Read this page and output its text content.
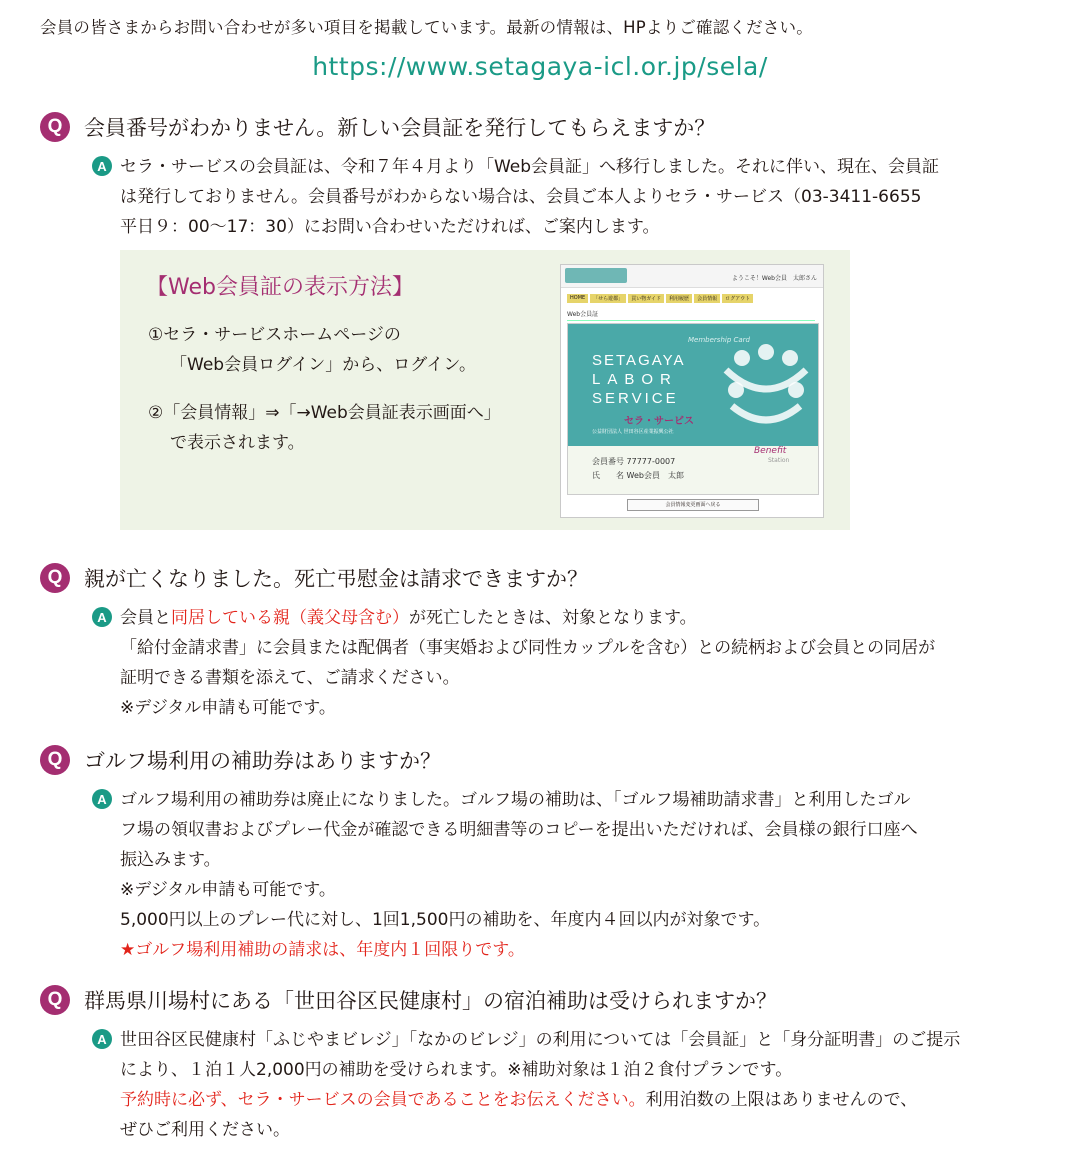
会員の皆さまからお問い合わせが多い項目を掲載しています。最新の情報は、HPよりご確認ください。
https://www.setagaya-icl.or.jp/sela/
Q	会員番号がわかりません。新しい会員証を発行してもらえますか？
A セラ・サービスの会員証は、令和７年４月より「Web会員証」へ移行しました。それに伴い、現在、会員証
は発行しておりません。会員番号がわからない場合は、会員ご本人よりセラ・サービス（03-3411-6655
平日９：00～17：30）にお問い合わせいただければ、ご案内します。
【Web会員証の表示方法】
①セラ・サービスホームページの
「Web会員ログイン」から、ログイン。
②「会員情報」⇒「→Web会員証表示画面へ」
で表示されます。
ようこそ！Web会員　太郎さん
HOME	「せら遊都」	買い物ガイド	利用履歴	会員情報	ログアウト
Web会員証
Membership Card
SETAGAYA
LABOR
SERVICE
セラ・サービス
公益財団法人 世田谷区産業振興公社
会員番号 77777-0007
氏　　名 Web会員　太郎
Benefit
Station
会員情報変更画面へ戻る
Q	親が亡くなりました。死亡弔慰金は請求できますか？
A 会員と同居している親（義父母含む）が死亡したときは、対象となります。
「給付金請求書」に会員または配偶者（事実婚および同性カップルを含む）との続柄および会員との同居が
証明できる書類を添えて、ご請求ください。
※デジタル申請も可能です。
Q	ゴルフ場利用の補助券はありますか？
A ゴルフ場利用の補助券は廃止になりました。ゴルフ場の補助は、「ゴルフ場補助請求書」と利用したゴル
フ場の領収書およびプレー代金が確認できる明細書等のコピーを提出いただければ、会員様の銀行口座へ
振込みます。
※デジタル申請も可能です。
5,000円以上のプレー代に対し、1回1,500円の補助を、年度内４回以内が対象です。
★ゴルフ場利用補助の請求は、年度内１回限りです。
Q	群馬県川場村にある「世田谷区民健康村」の宿泊補助は受けられますか？
A 世田谷区民健康村「ふじやまビレジ」「なかのビレジ」の利用については「会員証」と「身分証明書」のご提示
により、１泊１人2,000円の補助を受けられます。※補助対象は１泊２食付プランです。
予約時に必ず、セラ・サービスの会員であることをお伝えください。利用泊数の上限はありませんので、
ぜひご利用ください。
